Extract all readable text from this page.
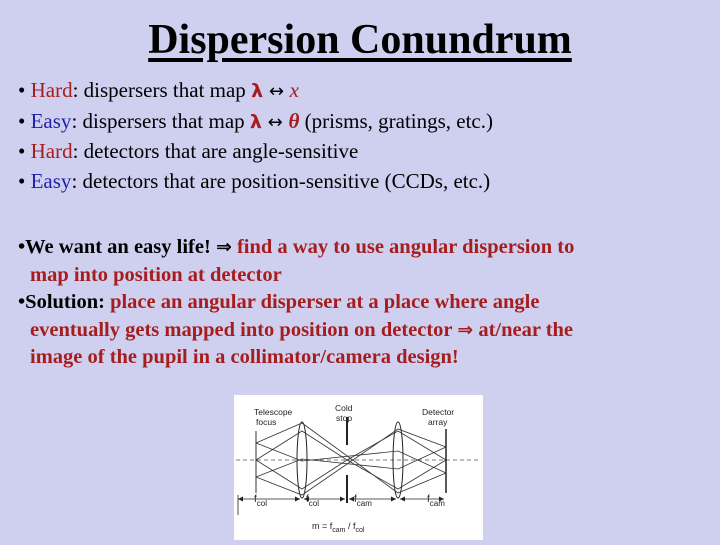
Dispersion Conundrum
• Hard: dispersers that map λ ↔ x
• Easy: dispersers that map λ ↔ θ (prisms, gratings, etc.)
• Hard: detectors that are angle-sensitive
• Easy: detectors that are position-sensitive (CCDs, etc.)
•We want an easy life! ⇒ find a way to use angular dispersion to
map into position at detector
•Solution: place an angular disperser at a place where angle
eventually gets mapped into position on detector ⇒ at/near the
image of the pupil in a collimator/camera design!
Telescope
focus
Cold
stop
Detector
array
$f_{col}$	$f_{col}$	$f_{cam}$	$f_{cam}$
$m = f_{cam} / f_{col}$
